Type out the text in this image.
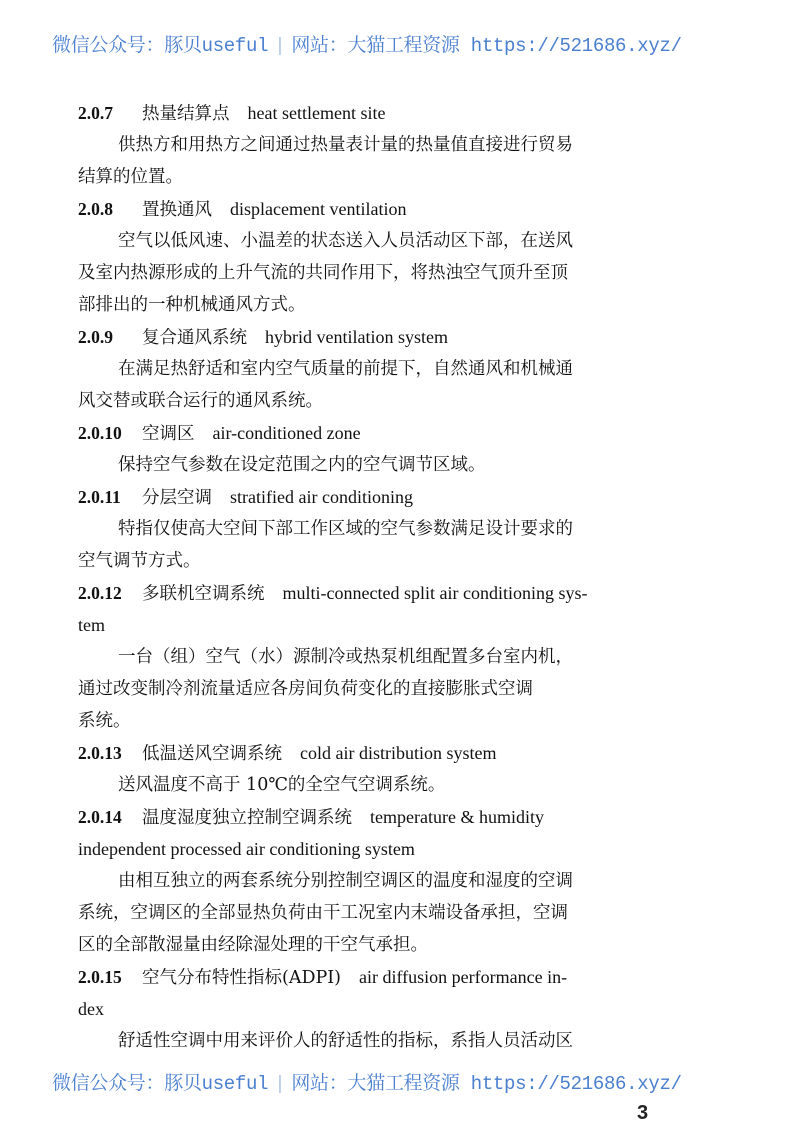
微信公众号：豚贝useful | 网站：大猫工程资源 https://521686.xyz/
2.0.7 热量结算点 heat settlement site
供热方和用热方之间通过热量表计量的热量值直接进行贸易
结算的位置。
2.0.8 置换通风 displacement ventilation
空气以低风速、小温差的状态送入人员活动区下部，在送风
及室内热源形成的上升气流的共同作用下，将热浊空气顶升至顶
部排出的一种机械通风方式。
2.0.9 复合通风系统 hybrid ventilation system
在满足热舒适和室内空气质量的前提下，自然通风和机械通
风交替或联合运行的通风系统。
2.0.10 空调区 air-conditioned zone
保持空气参数在设定范围之内的空气调节区域。
2.0.11 分层空调 stratified air conditioning
特指仅使高大空间下部工作区域的空气参数满足设计要求的
空气调节方式。
2.0.12 多联机空调系统 multi-connected split air conditioning sys-
tem
一台（组）空气（水）源制冷或热泵机组配置多台室内机，
通过改变制冷剂流量适应各房间负荷变化的直接膨胀式空调
系统。
2.0.13 低温送风空调系统 cold air distribution system
送风温度不高于 10℃的全空气空调系统。
2.0.14 温度湿度独立控制空调系统 temperature & humidity
independent processed air conditioning system
由相互独立的两套系统分别控制空调区的温度和湿度的空调
系统，空调区的全部显热负荷由干工况室内末端设备承担，空调
区的全部散湿量由经除湿处理的干空气承担。
2.0.15 空气分布特性指标(ADPI) air diffusion performance in-
dex
舒适性空调中用来评价人的舒适性的指标，系指人员活动区
微信公众号：豚贝useful | 网站：大猫工程资源 https://521686.xyz/
3
